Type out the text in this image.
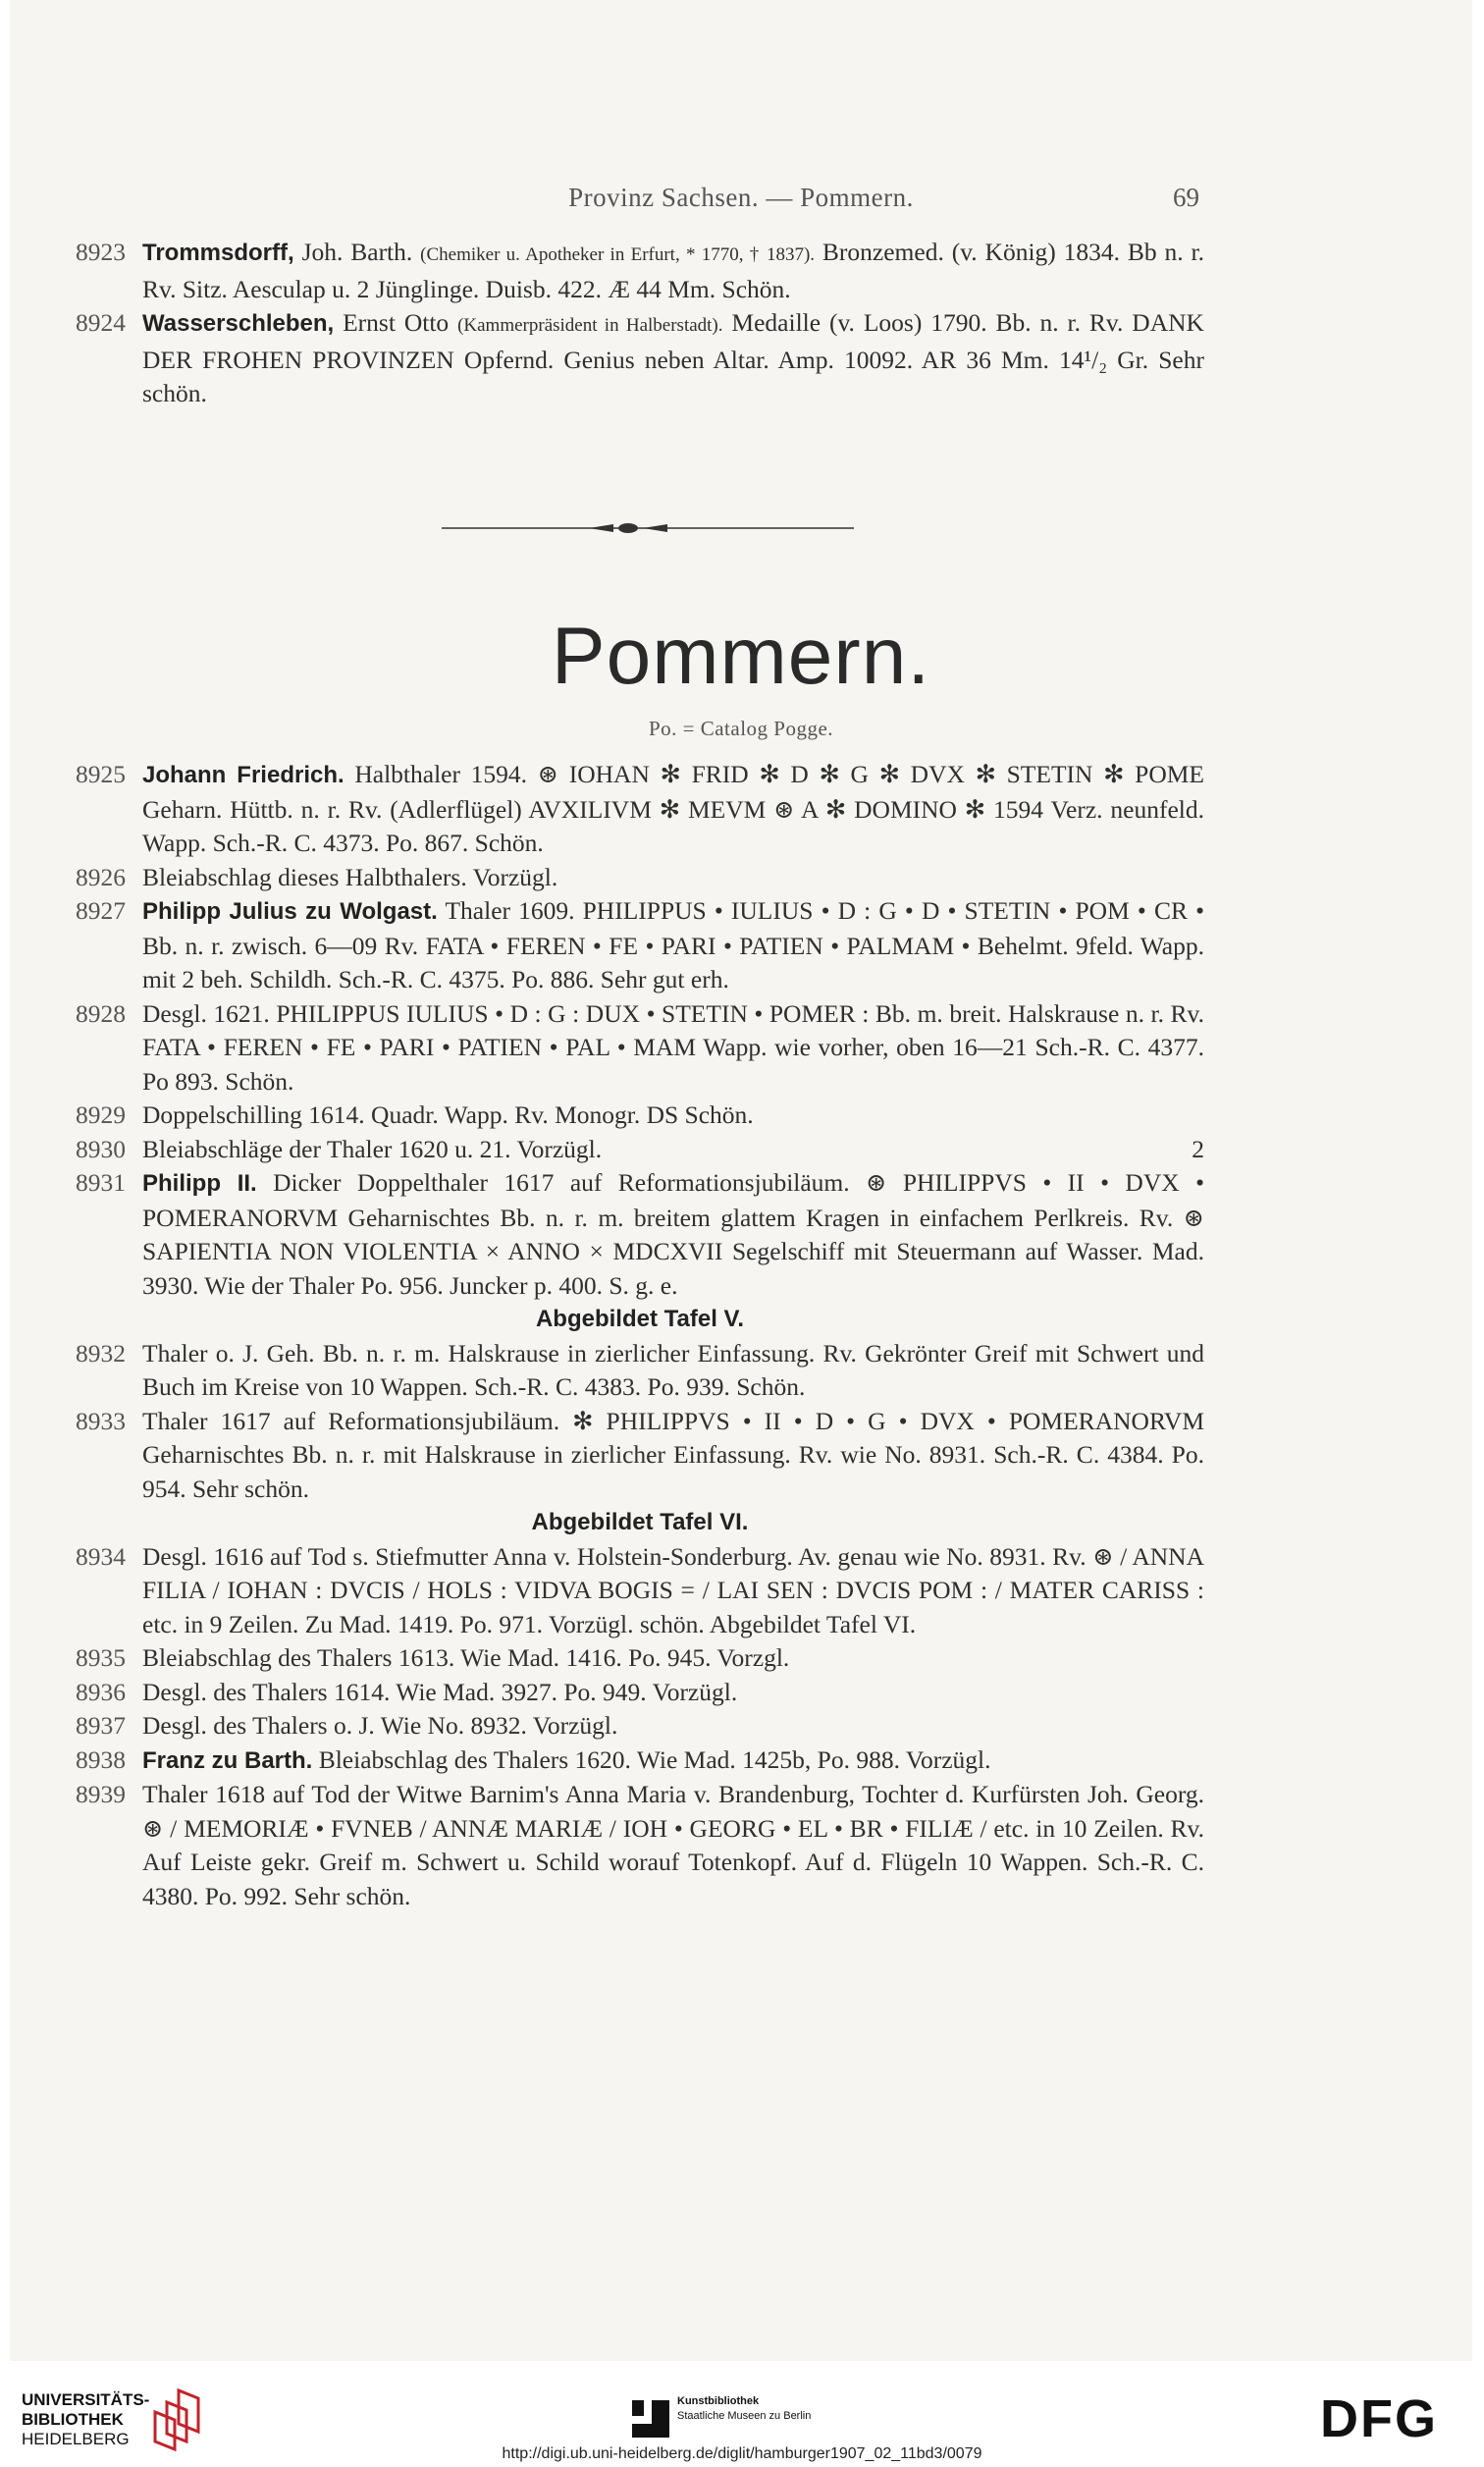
Provinz Sachsen. — Pommern.	69
8923 Trommsdorff, Joh. Barth. (Chemiker u. Apotheker in Erfurt, * 1770, † 1837). Bronzemed. (v. König) 1834. Bb n. r. Rv. Sitz. Aesculap u. 2 Jünglinge. Duisb. 422. Æ 44 Mm. Schön.
8924 Wasserschleben, Ernst Otto (Kammerpräsident in Halberstadt). Medaille (v. Loos) 1790. Bb. n. r. Rv. DANK DER FROHEN PROVINZEN Opfernd. Genius neben Altar. Amp. 10092. AR 36 Mm. 14¹/₂ Gr. Sehr schön.
Pommern.
Po. = Catalog Pogge.
8925 Johann Friedrich. Halbthaler 1594. ⊛ IOHAN ✻ FRID ✻ D ✻ G ✻ DVX ✻ STETIN ✻ POME Geharn. Hüttb. n. r. Rv. (Adlerflügel) AVXILIVM ✻ MEVM ⊛ A ✻ DOMINO ✻ 1594 Verz. neunfeld. Wapp. Sch.-R. C. 4373. Po. 867. Schön.
8926 Bleiabschlag dieses Halbthalers. Vorzügl.
8927 Philipp Julius zu Wolgast. Thaler 1609. PHILIPPUS • IULIUS • D : G • D • STETIN • POM • CR • Bb. n. r. zwisch. 6—09 Rv. FATA • FEREN • FE • PARI • PATIEN • PALMAM • Behelmt. 9feld. Wapp. mit 2 beh. Schildh. Sch.-R. C. 4375. Po. 886. Sehr gut erh.
8928 Desgl. 1621. PHILIPPUS IULIUS • D : G : DUX • STETIN • POMER : Bb. m. breit. Halskrause n. r. Rv. FATA • FEREN • FE • PARI • PATIEN • PAL • MAM Wapp. wie vorher, oben 16—21 Sch.-R. C. 4377. Po 893. Schön.
8929 Doppelschilling 1614. Quadr. Wapp. Rv. Monogr. DS Schön.
8930 Bleiabschläge der Thaler 1620 u. 21. Vorzügl.	2
8931 Philipp II. Dicker Doppelthaler 1617 auf Reformationsjubiläum. ⊛ PHILIPPVS • II • DVX • POMERANORVM Geharnischtes Bb. n. r. m. breitem glattem Kragen in einfachem Perlkreis. Rv. ⊛ SAPIENTIA NON VIOLENTIA × ANNO × MDCXVII Segelschiff mit Steuermann auf Wasser. Mad. 3930. Wie der Thaler Po. 956. Juncker p. 400. S. g. e.
Abgebildet Tafel V.
8932 Thaler o. J. Geh. Bb. n. r. m. Halskrause in zierlicher Einfassung. Rv. Gekrönter Greif mit Schwert und Buch im Kreise von 10 Wappen. Sch.-R. C. 4383. Po. 939. Schön.
8933 Thaler 1617 auf Reformationsjubiläum. ✻ PHILIPPVS • II • D • G • DVX • POMERANORVM Geharnischtes Bb. n. r. mit Halskrause in zierlicher Einfassung. Rv. wie No. 8931. Sch.-R. C. 4384. Po. 954. Sehr schön.
Abgebildet Tafel VI.
8934 Desgl. 1616 auf Tod s. Stiefmutter Anna v. Holstein-Sonderburg. Av. genau wie No. 8931. Rv. ⊛ / ANNA FILIA / IOHAN : DVCIS / HOLS : VIDVA BOGIS = / LAI SEN : DVCIS POM : / MATER CARISS : etc. in 9 Zeilen. Zu Mad. 1419. Po. 971. Vorzügl. schön. Abgebildet Tafel VI.
8935 Bleiabschlag des Thalers 1613. Wie Mad. 1416. Po. 945. Vorzgl.
8936 Desgl. des Thalers 1614. Wie Mad. 3927. Po. 949. Vorzügl.
8937 Desgl. des Thalers o. J. Wie No. 8932. Vorzügl.
8938 Franz zu Barth. Bleiabschlag des Thalers 1620. Wie Mad. 1425b, Po. 988. Vorzügl.
8939 Thaler 1618 auf Tod der Witwe Barnim's Anna Maria v. Brandenburg, Tochter d. Kurfürsten Joh. Georg. ⊛ / MEMORIÆ • FVNEB / ANNÆ MARIÆ / IOH • GEORG • EL • BR • FILIÆ / etc. in 10 Zeilen. Rv. Auf Leiste gekr. Greif m. Schwert u. Schild worauf Totenkopf. Auf d. Flügeln 10 Wappen. Sch.-R. C. 4380. Po. 992. Sehr schön.
UNIVERSITÄTS-
BIBLIOTHEK
HEIDELBERG
Kunstbibliothek
Staatliche Museen zu Berlin	DFG
http://digi.ub.uni-heidelberg.de/diglit/hamburger1907_02_11bd3/0079
